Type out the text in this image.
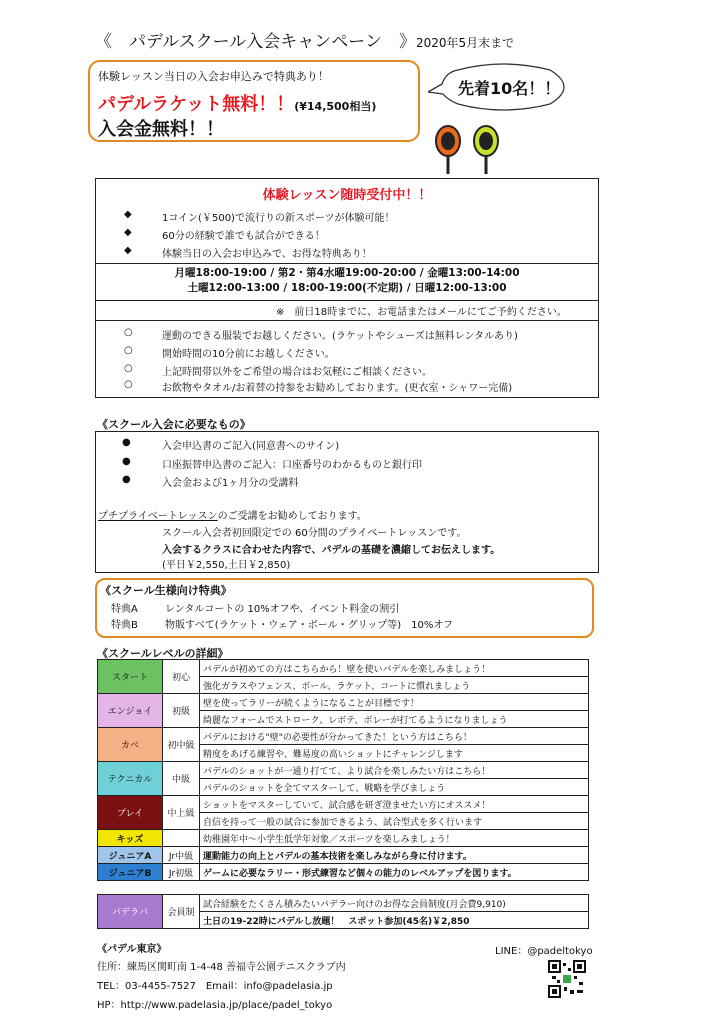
《　パデルスクール入会キャンペーン　》2020年5月末まで
体験レッスン当日の入会お申込みで特典あり！
パデルラケット無料！！(¥14,500相当)
入会金無料！！
先着10名！！
体験レッスン随時受付中！！
◆	1コイン(￥500)で流行りの新スポーツが体験可能！
◆	60分の経験で誰でも試合ができる！
◆	体験当日の入会お申込みで、お得な特典あり！
月曜18:00-19:00 / 第2・第4水曜19:00-20:00 / 金曜13:00-14:00
土曜12:00-13:00 / 18:00-19:00(不定期) / 日曜12:00-13:00
※　前日18時までに、お電話またはメールにてご予約ください。
○	運動のできる服装でお越しください。(ラケットやシューズは無料レンタルあり)
○	開始時間の10分前にお越しください。
○	上記時間帯以外をご希望の場合はお気軽にご相談ください。
○	お飲物やタオル/お着替の持参をお勧めしております。(更衣室・シャワー完備)
《スクール入会に必要なもの》
●	入会申込書のご記入(同意書へのサイン)
●	口座振替申込書のご記入：口座番号のわかるものと銀行印
●	入会金および1ヶ月分の受講料
プチプライベートレッスンのご受講をお勧めしております。
スクール入会者初回限定での 60分間のプライベートレッスンです。
入会するクラスに合わせた内容で、パデルの基礎を濃縮してお伝えします。
(平日￥2,550,土日￥2,850)
《スクール生様向け特典》
特典A	レンタルコートの 10%オフや、イベント料金の割引
特典B	物販すべて(ラケット・ウェア・ボール・グリップ等)　10%オフ
《スクールレベルの詳細》
スタート	初心	パデルが初めての方はこちらから！壁を使いパデルを楽しみましょう！
		強化ガラスやフェンス、ボール、ラケット、コートに慣れましょう
エンジョイ	初級	壁を使ってラリーが続くようになることが目標です！
		綺麗なフォームでストローク、レボテ、ボレーが打てるようになりましょう
カベ	初中級	パデルにおける"壁"の必要性が分かってきた！という方はこちら！
		精度をあげる練習や、難易度の高いショットにチャレンジします
テクニカル	中級	パデルのショットが一通り打てて、より試合を楽しみたい方はこちら！
		パデルのショットを全てマスターして、戦略を学びましょう
プレイ	中上級	ショットをマスターしていて、試合感を研ぎ澄ませたい方にオススメ！
		自信を持って一般の試合に参加できるよう、試合型式を多く行います
キッズ		幼稚園年中～小学生低学年対象／スポーツを楽しみましょう！
ジュニアA	Jr中級	運動能力の向上とパデルの基本技術を楽しみながら身に付けます。
ジュニアB	Jr初級	ゲームに必要なラリー・形式練習など個々の能力のレベルアップを図ります。
パデラバ	会員制	試合経験をたくさん積みたいパデラー向けのお得な会員制度(月会費9,910)
土日の19-22時にパデルし放題！　スポット参加(45名)￥2,850
《パデル東京》
住所：練馬区関町南 1-4-48 善福寺公園テニスクラブ内
TEL：03-4455-7527　Email：info@padelasia.jp
HP：http://www.padelasia.jp/place/padel_tokyo
LINE：@padeltokyo
